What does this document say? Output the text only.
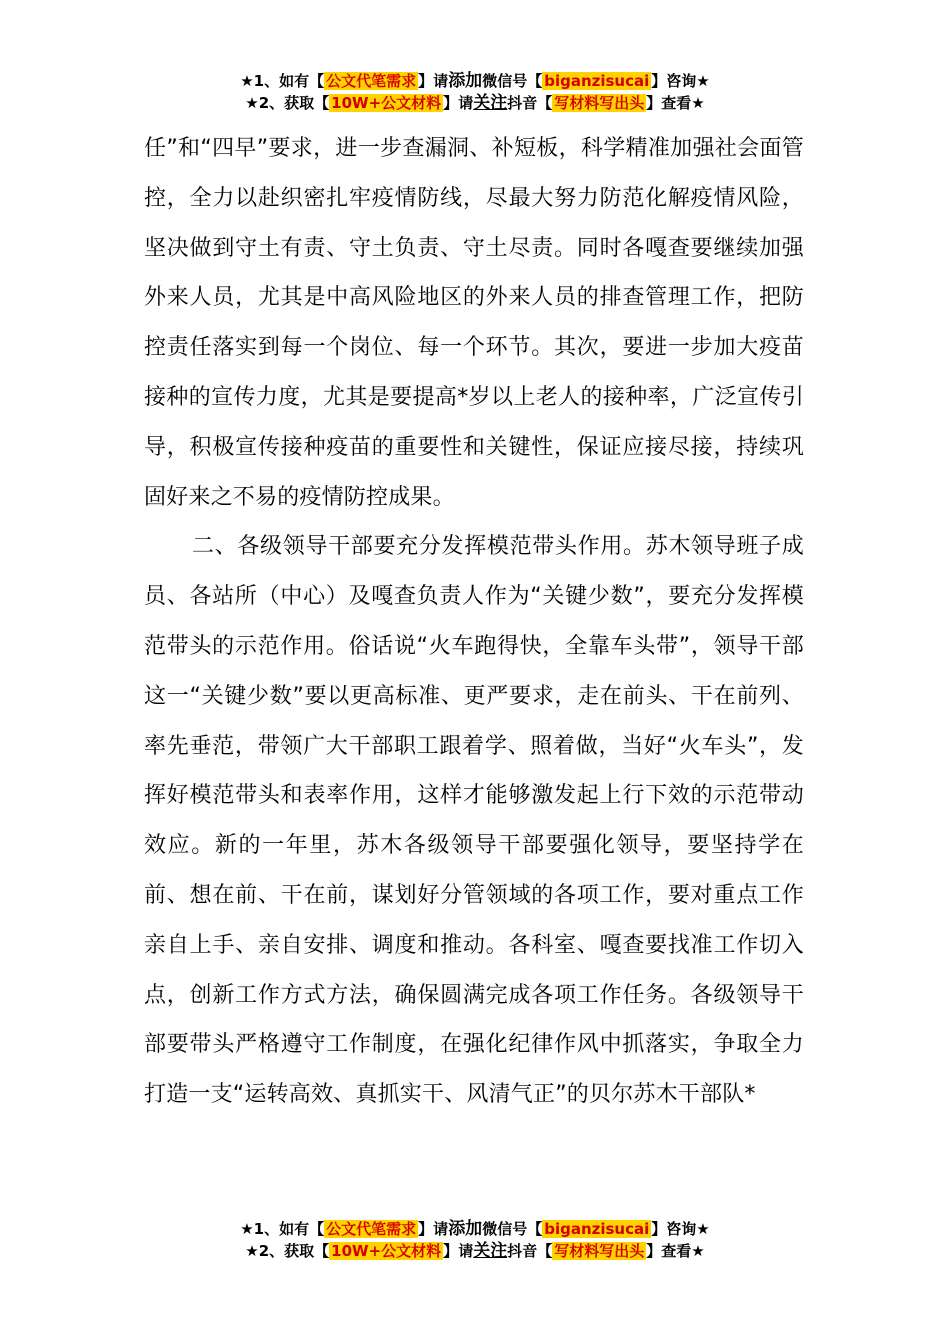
★1、如有【 公文代笔需求 】请添加微信号【 biganzisucai 】咨询★
★2、获取【 10W+公文材料 】请关注抖音【 写材料写出头 】查看★

任”和“四早”要求，进一步查漏洞、补短板，科学精准加强社会面管控，全力以赴织密扎牢疫情防线，尽最大努力防范化解疫情风险，坚决做到守土有责、守土负责、守土尽责。同时各嘎查要继续加强外来人员，尤其是中高风险地区的外来人员的排查管理工作，把防控责任落实到每一个岗位、每一个环节。其次，要进一步加大疫苗接种的宣传力度，尤其是要提高*岁以上老人的接种率，广泛宣传引导，积极宣传接种疫苗的重要性和关键性，保证应接尽接，持续巩固好来之不易的疫情防控成果。

二、各级领导干部要充分发挥模范带头作用。苏木领导班子成员、各站所（中心）及嘎查负责人作为“关键少数”，要充分发挥模范带头的示范作用。俗话说“火车跑得快，全靠车头带”，领导干部这一“关键少数”要以更高标准、更严要求，走在前头、干在前列、率先垂范，带领广大干部职工跟着学、照着做，当好“火车头”，发挥好模范带头和表率作用，这样才能够激发起上行下效的示范带动效应。新的一年里，苏木各级领导干部要强化领导，要坚持学在前、想在前、干在前，谋划好分管领域的各项工作，要对重点工作亲自上手、亲自安排、调度和推动。各科室、嘎查要找准工作切入点，创新工作方式方法，确保圆满完成各项工作任务。各级领导干部要带头严格遵守工作制度，在强化纪律作风中抓落实，争取全力打造一支“运转高效、真抓实干、风清气正”的贝尔苏木干部队*

★1、如有【 公文代笔需求 】请添加微信号【 biganzisucai 】咨询★
★2、获取【 10W+公文材料 】请关注抖音【 写材料写出头 】查看★
